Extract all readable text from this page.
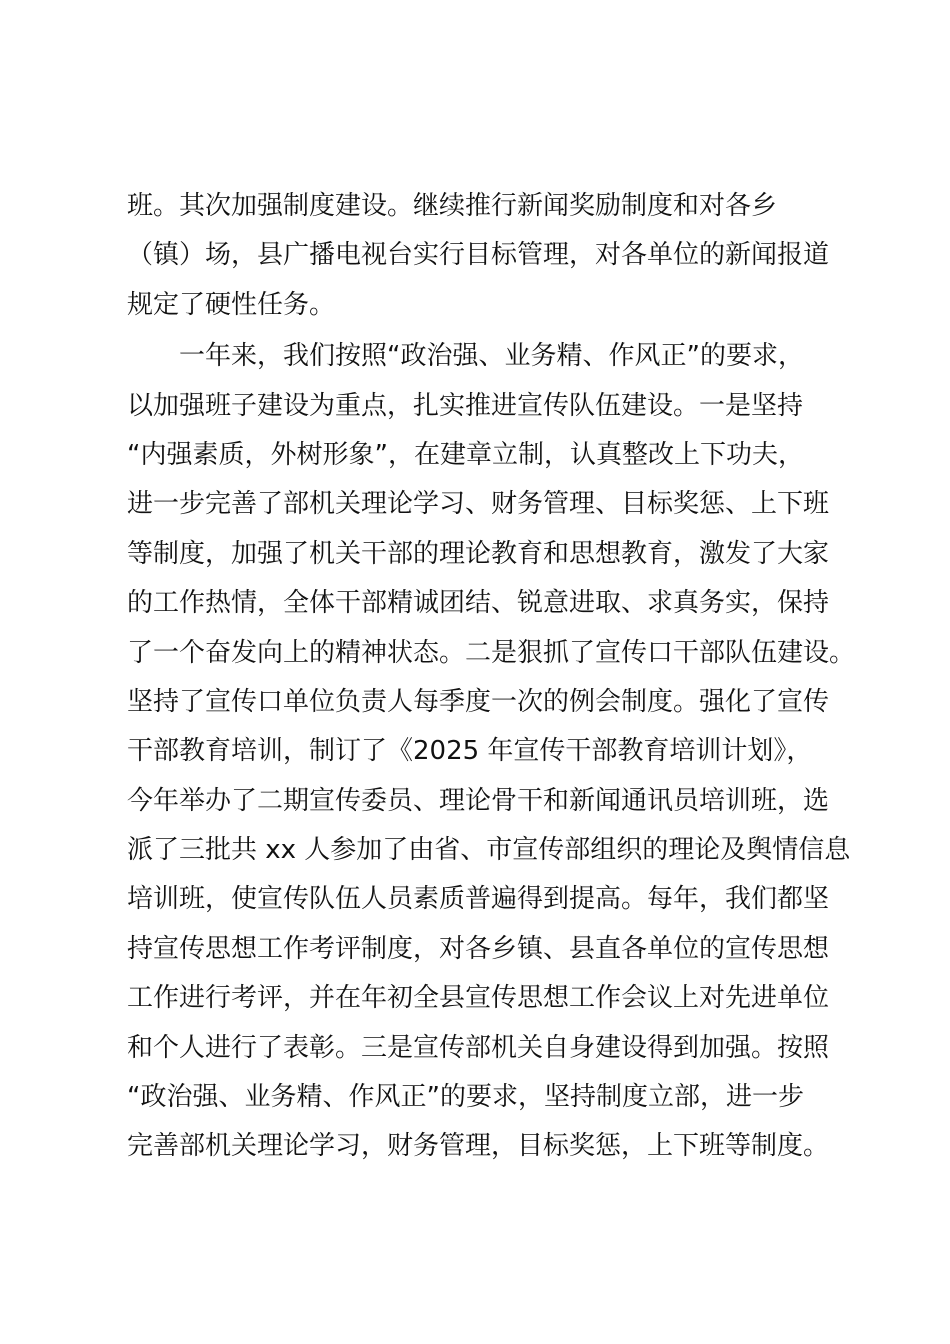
班。其次加强制度建设。继续推行新闻奖励制度和对各乡
（镇）场，县广播电视台实行目标管理，对各单位的新闻报道
规定了硬性任务。
一年来，我们按照“政治强、业务精、作风正”的要求，
以加强班子建设为重点，扎实推进宣传队伍建设。一是坚持
“内强素质，外树形象”，在建章立制，认真整改上下功夫，
进一步完善了部机关理论学习、财务管理、目标奖惩、上下班
等制度，加强了机关干部的理论教育和思想教育，激发了大家
的工作热情，全体干部精诚团结、锐意进取、求真务实，保持
了一个奋发向上的精神状态。二是狠抓了宣传口干部队伍建设。
坚持了宣传口单位负责人每季度一次的例会制度。强化了宣传
干部教育培训，制订了《2025 年宣传干部教育培训计划》，
今年举办了二期宣传委员、理论骨干和新闻通讯员培训班，选
派了三批共 xx 人参加了由省、市宣传部组织的理论及舆情信息
培训班，使宣传队伍人员素质普遍得到提高。每年，我们都坚
持宣传思想工作考评制度，对各乡镇、县直各单位的宣传思想
工作进行考评，并在年初全县宣传思想工作会议上对先进单位
和个人进行了表彰。三是宣传部机关自身建设得到加强。按照
“政治强、业务精、作风正”的要求，坚持制度立部，进一步
完善部机关理论学习，财务管理，目标奖惩，上下班等制度。
